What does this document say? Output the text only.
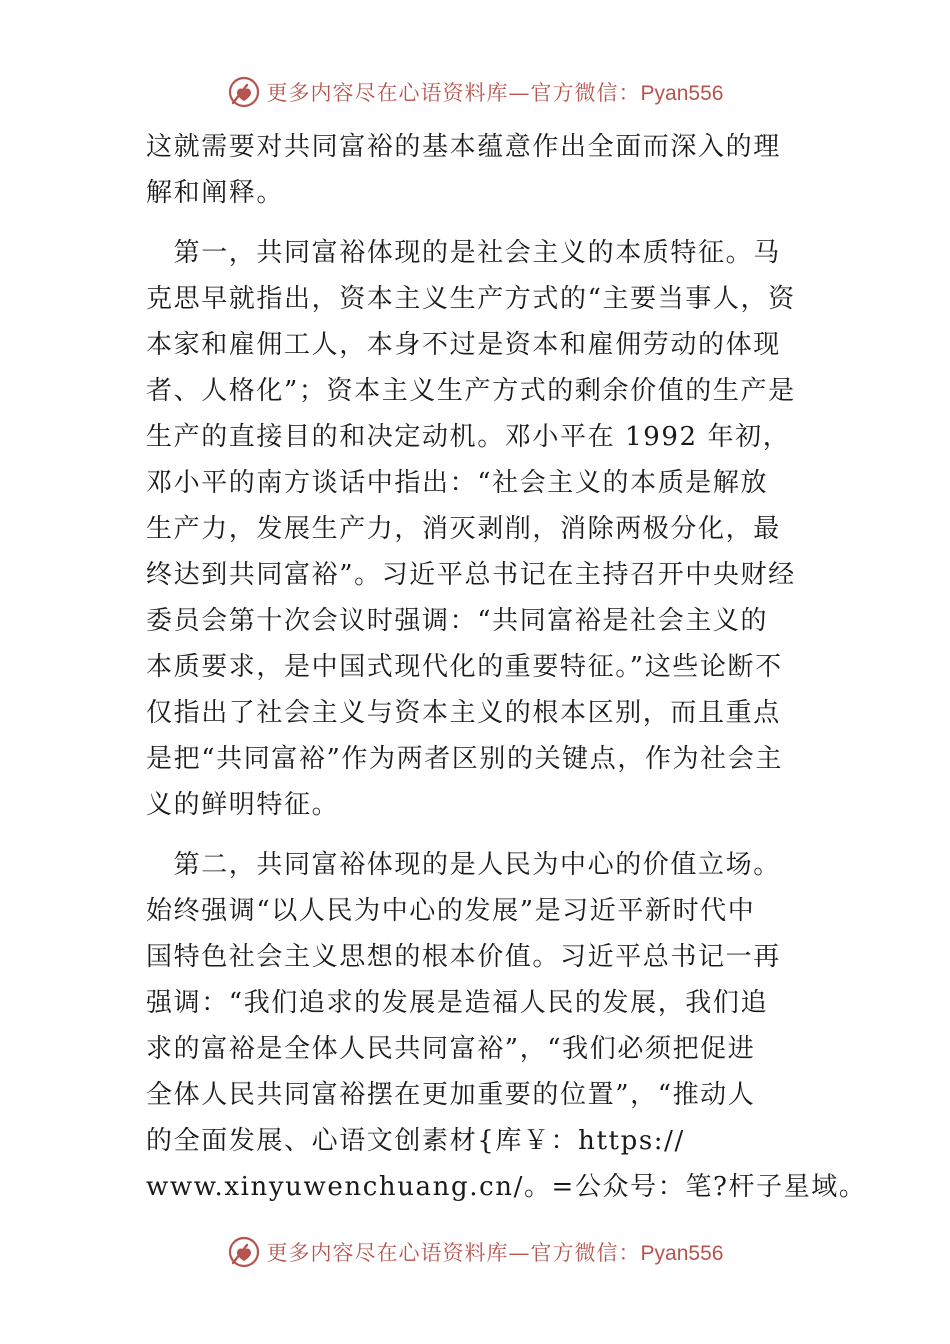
更多内容尽在心语资料库—官方微信：Pyan556
这就需要对共同富裕的基本蕴意作出全面而深入的理
解和阐释。
　第一，共同富裕体现的是社会主义的本质特征。马
克思早就指出，资本主义生产方式的“主要当事人，资
本家和雇佣工人，本身不过是资本和雇佣劳动的体现
者、人格化”；资本主义生产方式的剩余价值的生产是
生产的直接目的和决定动机。邓小平在 1992 年初，
邓小平的南方谈话中指出：“社会主义的本质是解放
生产力，发展生产力，消灭剥削，消除两极分化，最
终达到共同富裕”。习近平总书记在主持召开中央财经
委员会第十次会议时强调：“共同富裕是社会主义的
本质要求，是中国式现代化的重要特征。”这些论断不
仅指出了社会主义与资本主义的根本区别，而且重点
是把“共同富裕”作为两者区别的关键点，作为社会主
义的鲜明特征。
　第二，共同富裕体现的是人民为中心的价值立场。
始终强调“以人民为中心的发展”是习近平新时代中
国特色社会主义思想的根本价值。习近平总书记一再
强调：“我们追求的发展是造福人民的发展，我们追
求的富裕是全体人民共同富裕”，“我们必须把促进
全体人民共同富裕摆在更加重要的位置”，“推动人
的全面发展、心语文创素材{库￥：https://
www.xinyuwenchuang.cn/。=公众号：笔?杆子星域。
更多内容尽在心语资料库—官方微信：Pyan556
